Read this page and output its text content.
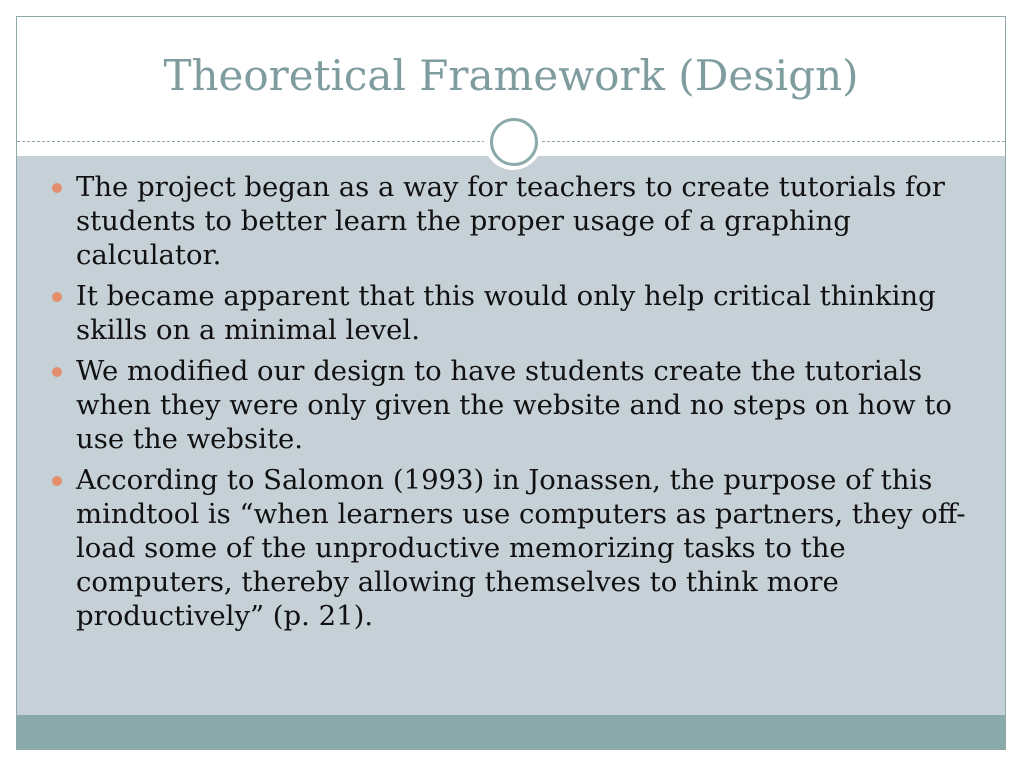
Theoretical Framework (Design)
The project began as a way for teachers to create tutorials for students to better learn the proper usage of a graphing calculator.
It became apparent that this would only help critical thinking skills on a minimal level.
We modified our design to have students create the tutorials when they were only given the website and no steps on how to use the website.
According to Salomon (1993) in Jonassen, the purpose of this mindtool is “when learners use computers as partners, they off-load some of the unproductive memorizing tasks to the computers, thereby allowing themselves to think more productively” (p. 21).
